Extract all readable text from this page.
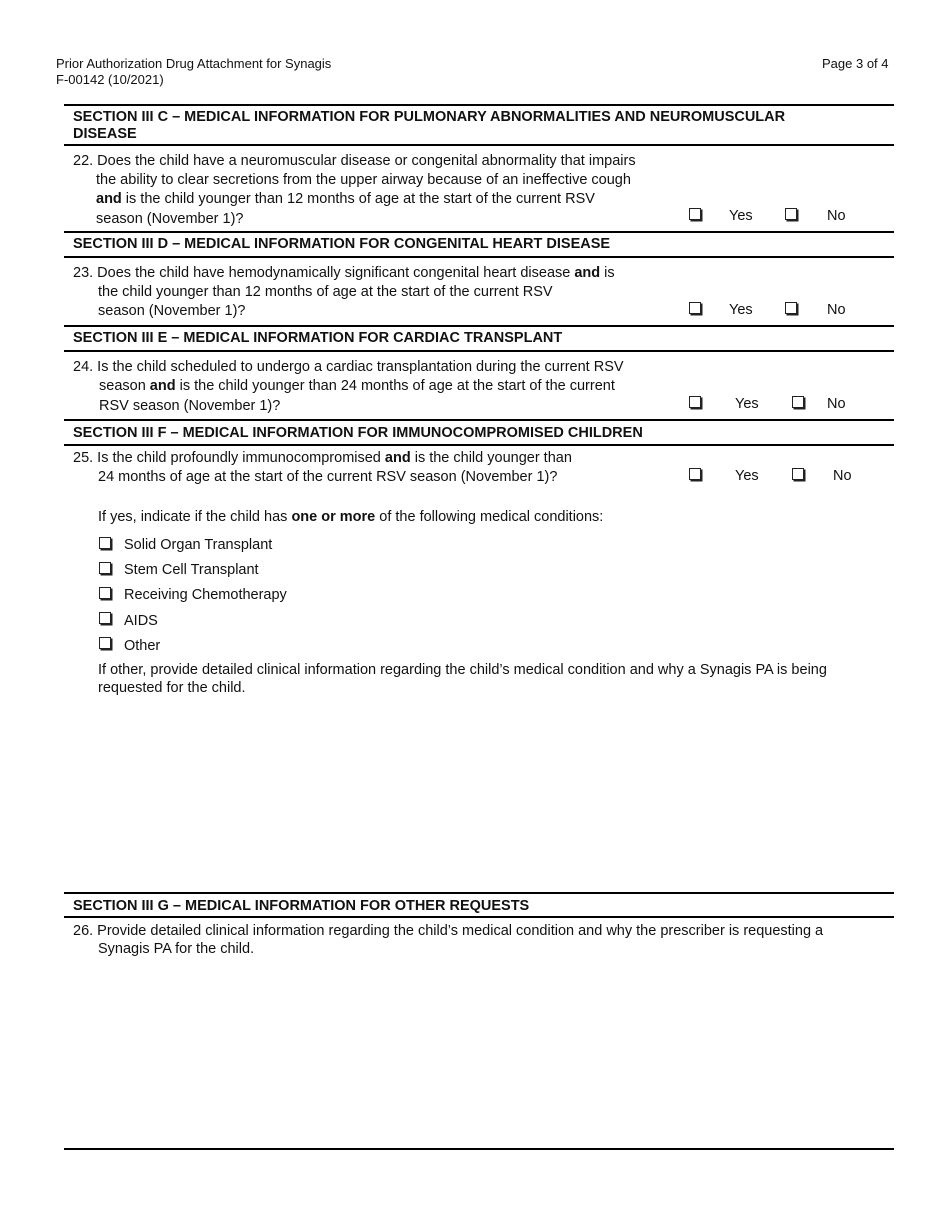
Prior Authorization Drug Attachment for Synagis
F-00142 (10/2021)
Page 3 of 4
SECTION III C – MEDICAL INFORMATION FOR PULMONARY ABNORMALITIES AND NEUROMUSCULAR
DISEASE

22. Does the child have a neuromuscular disease or congenital abnormality that impairs

the ability to clear secretions from the upper airway because of an ineffective cough

and is the child younger than 12 months of age at the start of the current RSV

season (November 1)?	Yes	No
SECTION III D – MEDICAL INFORMATION FOR CONGENITAL HEART DISEASE

23. Does the child have hemodynamically significant congenital heart disease and is

the child younger than 12 months of age at the start of the current RSV

season (November 1)?	Yes	No
SECTION III E – MEDICAL INFORMATION FOR CARDIAC TRANSPLANT

24. Is the child scheduled to undergo a cardiac transplantation during the current RSV

season and is the child younger than 24 months of age at the start of the current

RSV season (November 1)?	Yes	No
SECTION III F – MEDICAL INFORMATION FOR IMMUNOCOMPROMISED CHILDREN

25. Is the child profoundly immunocompromised and is the child younger than

24 months of age at the start of the current RSV season (November 1)?	Yes	No
If yes, indicate if the child has one or more of the following medical conditions:
Solid Organ Transplant
Stem Cell Transplant
Receiving Chemotherapy
AIDS
Other
If other, provide detailed clinical information regarding the child’s medical condition and why a Synagis PA is being
requested for the child.
SECTION III G – MEDICAL INFORMATION FOR OTHER REQUESTS

26. Provide detailed clinical information regarding the child’s medical condition and why the prescriber is requesting a

Synagis PA for the child.
